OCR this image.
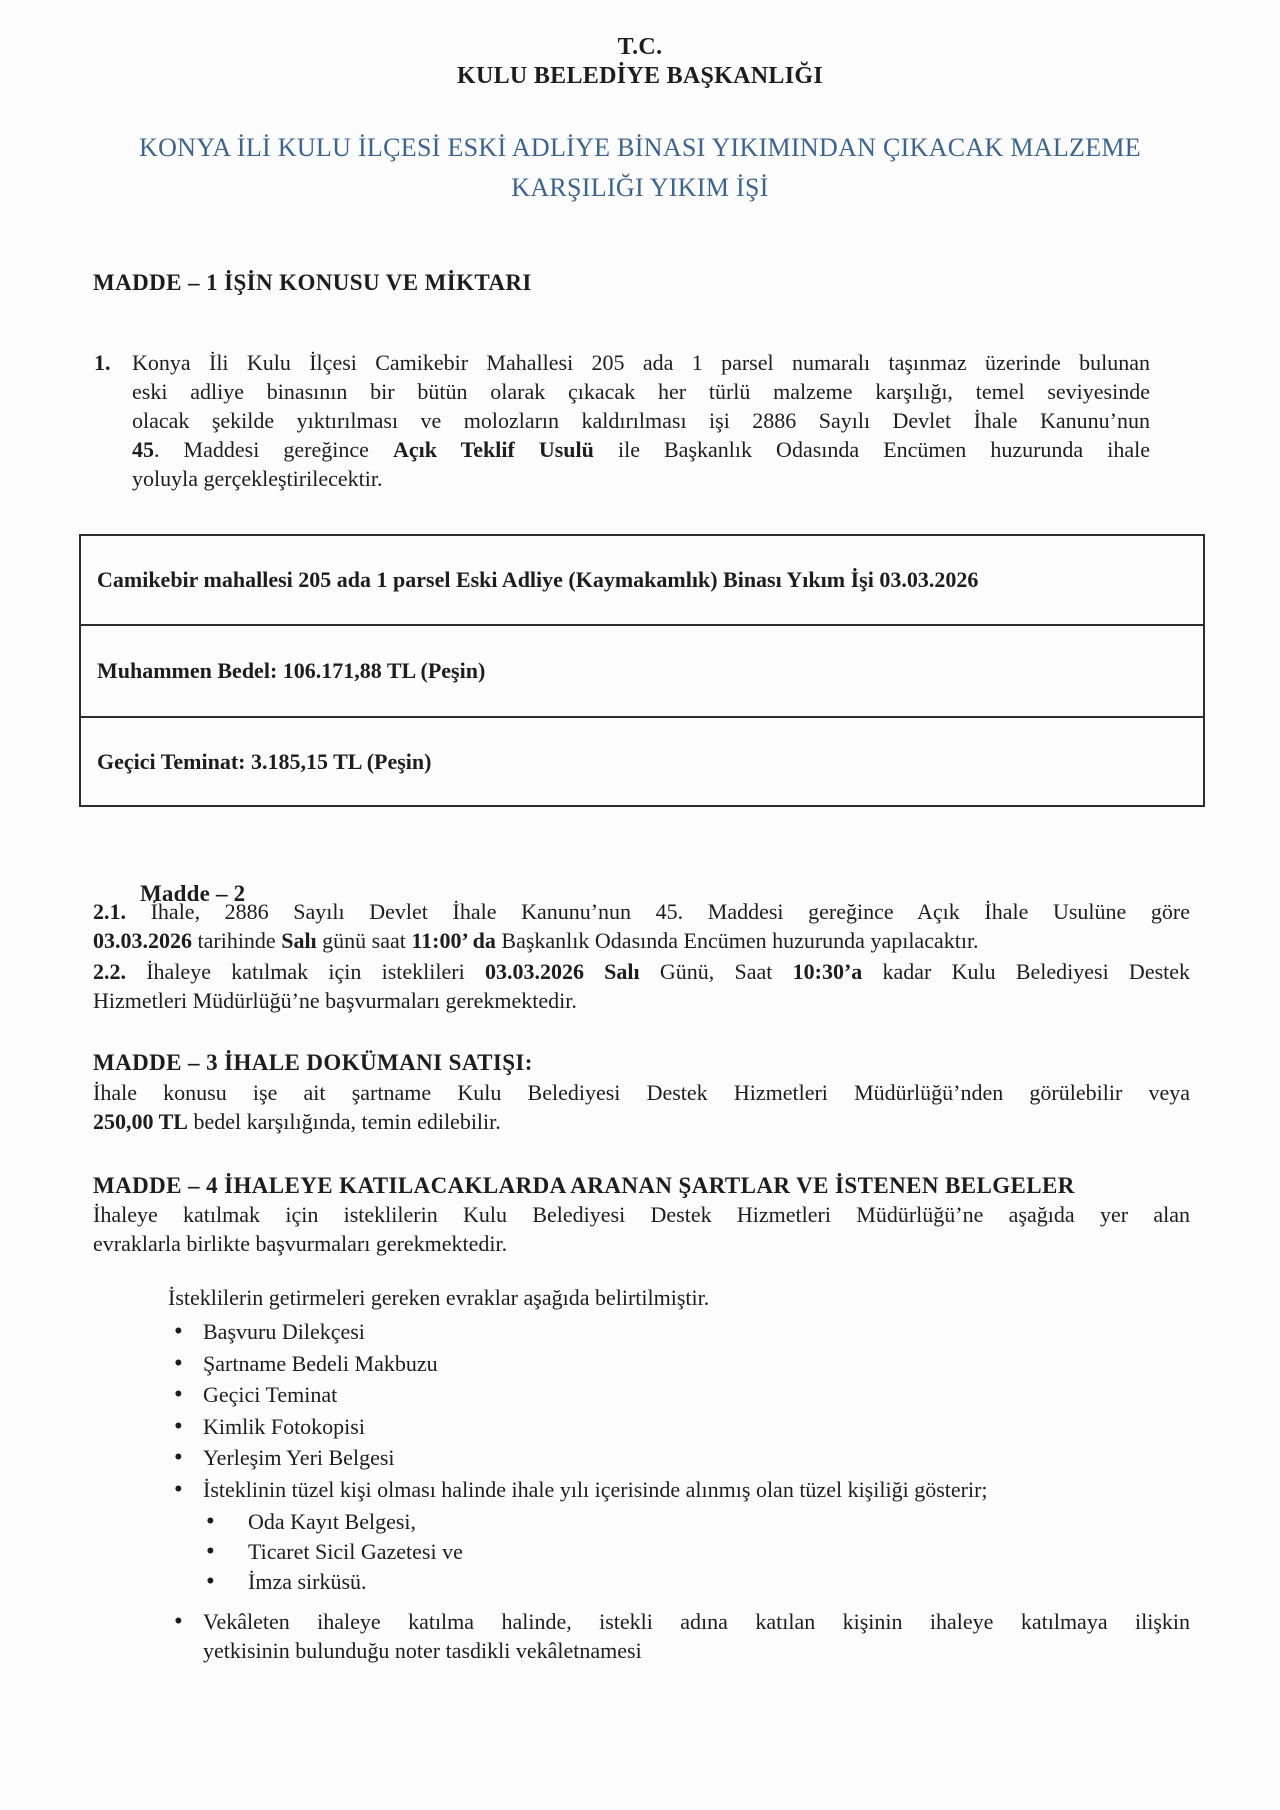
T.C.
KULU BELEDİYE BAŞKANLIĞI
KONYA İLİ KULU İLÇESİ ESKİ ADLİYE BİNASI YIKIMINDAN ÇIKACAK MALZEME
KARŞILIĞI YIKIM İŞİ
MADDE – 1 İŞİN KONUSU VE MİKTARI
1. Konya İli Kulu İlçesi Camikebir Mahallesi 205 ada 1 parsel numaralı taşınmaz üzerinde bulunan
eski adliye binasının bir bütün olarak çıkacak her türlü malzeme karşılığı, temel seviyesinde
olacak şekilde yıktırılması ve molozların kaldırılması işi 2886 Sayılı Devlet İhale Kanunu’nun
45. Maddesi gereğince Açık Teklif Usulü ile Başkanlık Odasında Encümen huzurunda ihale
yoluyla gerçekleştirilecektir.
Camikebir mahallesi 205 ada 1 parsel Eski Adliye (Kaymakamlık) Binası Yıkım İşi 03.03.2026
Muhammen Bedel: 106.171,88 TL (Peşin)
Geçici Teminat: 3.185,15 TL (Peşin)
Madde – 2
2.1. İhale, 2886 Sayılı Devlet İhale Kanunu’nun 45. Maddesi gereğince Açık İhale Usulüne göre
03.03.2026 tarihinde Salı günü saat 11:00’ da Başkanlık Odasında Encümen huzurunda yapılacaktır.
2.2. İhaleye katılmak için isteklileri 03.03.2026 Salı Günü, Saat 10:30’a kadar Kulu Belediyesi Destek
Hizmetleri Müdürlüğü’ne başvurmaları gerekmektedir.
MADDE – 3 İHALE DOKÜMANI SATIŞI:
İhale konusu işe ait şartname Kulu Belediyesi Destek Hizmetleri Müdürlüğü’nden görülebilir veya
250,00 TL bedel karşılığında, temin edilebilir.
MADDE – 4 İHALEYE KATILACAKLARDA ARANAN ŞARTLAR VE İSTENEN BELGELER
İhaleye katılmak için isteklilerin Kulu Belediyesi Destek Hizmetleri Müdürlüğü’ne aşağıda yer alan
evraklarla birlikte başvurmaları gerekmektedir.
İsteklilerin getirmeleri gereken evraklar aşağıda belirtilmiştir.
• Başvuru Dilekçesi
• Şartname Bedeli Makbuzu
• Geçici Teminat
• Kimlik Fotokopisi
• Yerleşim Yeri Belgesi
• İsteklinin tüzel kişi olması halinde ihale yılı içerisinde alınmış olan tüzel kişiliği gösterir;
• Oda Kayıt Belgesi,
• Ticaret Sicil Gazetesi ve
• İmza sirküsü.
• Vekâleten ihaleye katılma halinde, istekli adına katılan kişinin ihaleye katılmaya ilişkin
yetkisinin bulunduğu noter tasdikli vekâletnamesi
